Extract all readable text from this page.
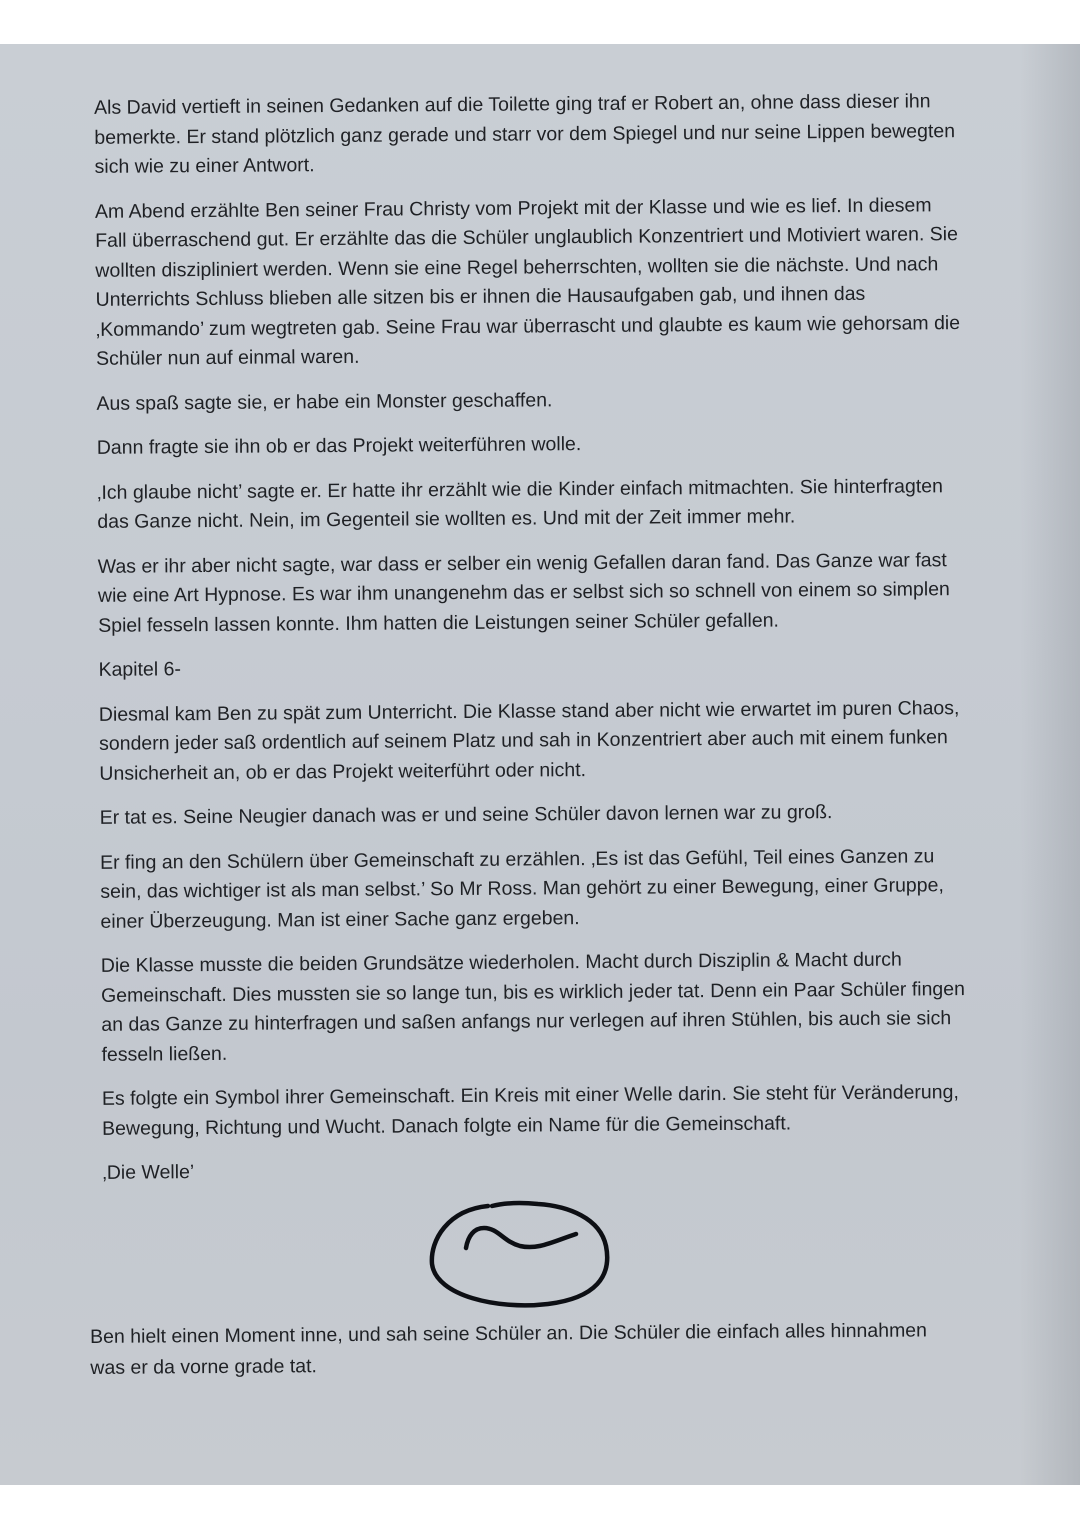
Als David vertieft in seinen Gedanken auf die Toilette ging traf er Robert an, ohne dass dieser ihn bemerkte. Er stand plötzlich ganz gerade und starr vor dem Spiegel und nur seine Lippen bewegten sich wie zu einer Antwort.

Am Abend erzählte Ben seiner Frau Christy vom Projekt mit der Klasse und wie es lief. In diesem Fall überraschend gut. Er erzählte das die Schüler unglaublich Konzentriert und Motiviert waren. Sie wollten diszipliniert werden. Wenn sie eine Regel beherrschten, wollten sie die nächste. Und nach Unterrichts Schluss blieben alle sitzen bis er ihnen die Hausaufgaben gab, und ihnen das ‚Kommando’ zum wegtreten gab. Seine Frau war überrascht und glaubte es kaum wie gehorsam die Schüler nun auf einmal waren.

Aus spaß sagte sie, er habe ein Monster geschaffen.

Dann fragte sie ihn ob er das Projekt weiterführen wolle.

‚Ich glaube nicht’ sagte er. Er hatte ihr erzählt wie die Kinder einfach mitmachten. Sie hinterfragten das Ganze nicht. Nein, im Gegenteil sie wollten es. Und mit der Zeit immer mehr.

Was er ihr aber nicht sagte, war dass er selber ein wenig Gefallen daran fand. Das Ganze war fast wie eine Art Hypnose. Es war ihm unangenehm das er selbst sich so schnell von einem so simplen Spiel fesseln lassen konnte. Ihm hatten die Leistungen seiner Schüler gefallen.

Kapitel 6-

Diesmal kam Ben zu spät zum Unterricht. Die Klasse stand aber nicht wie erwartet im puren Chaos, sondern jeder saß ordentlich auf seinem Platz und sah in Konzentriert aber auch mit einem funken Unsicherheit an, ob er das Projekt weiterführt oder nicht.

Er tat es. Seine Neugier danach was er und seine Schüler davon lernen war zu groß.

Er fing an den Schülern über Gemeinschaft zu erzählen. ‚Es ist das Gefühl, Teil eines Ganzen zu sein, das wichtiger ist als man selbst.’ So Mr Ross. Man gehört zu einer Bewegung, einer Gruppe, einer Überzeugung. Man ist einer Sache ganz ergeben.

Die Klasse musste die beiden Grundsätze wiederholen. Macht durch Disziplin & Macht durch Gemeinschaft. Dies mussten sie so lange tun, bis es wirklich jeder tat. Denn ein Paar Schüler fingen an das Ganze zu hinterfragen und saßen anfangs nur verlegen auf ihren Stühlen, bis auch sie sich fesseln ließen.

Es folgte ein Symbol ihrer Gemeinschaft. Ein Kreis mit einer Welle darin. Sie steht für Veränderung, Bewegung, Richtung und Wucht. Danach folgte ein Name für die Gemeinschaft.

‚Die Welle’

Ben hielt einen Moment inne, und sah seine Schüler an. Die Schüler die einfach alles hinnahmen was er da vorne grade tat.
